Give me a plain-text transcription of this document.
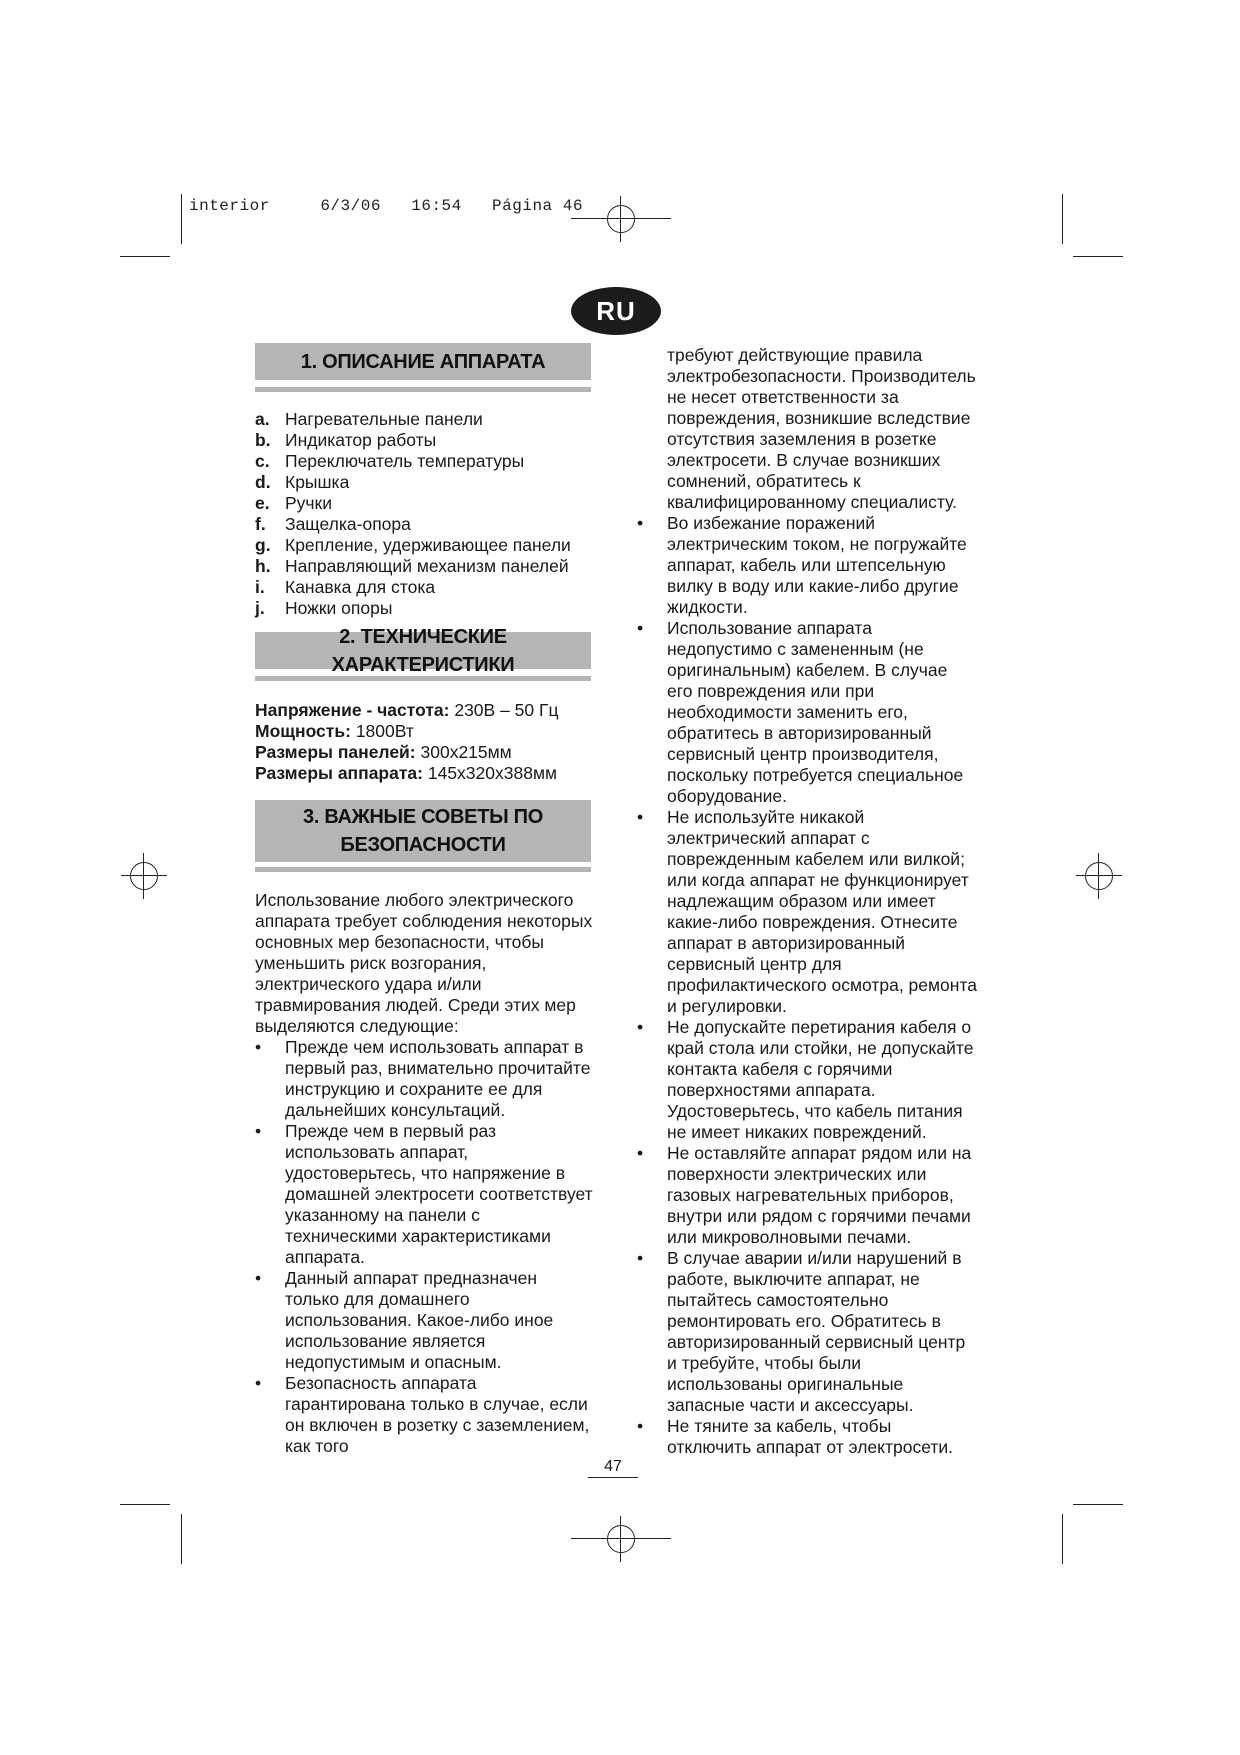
interior     6/3/06   16:54   Página 46
RU
1. ОПИСАНИЕ АППАРАТА
a. Нагревательные панели
b. Индикатор работы
c. Переключатель температуры
d. Крышка
e. Ручки
f.	Защелка-опора
g. Крепление, удерживающее панели
h. Направляющий механизм панелей
i.	Канавка для стока
j.	Ножки опоры
2. ТЕХНИЧЕСКИЕ ХАРАКТЕРИСТИКИ
Напряжение - частота: 230В – 50 Гц
Мощность: 1800Вт
Размеры панелей: 300x215мм
Размеры аппарата: 145x320x388мм
3. ВАЖНЫЕ СОВЕТЫ ПО
БЕЗОПАСНОСТИ

Использование любого электрического аппарата требует соблюдения некоторых основных мер безопасности, чтобы уменьшить риск возгорания, электрического удара и/или травмирования людей. Среди этих мер выделяются следующие:

•	Прежде чем использовать аппарат в первый раз, внимательно прочитайте инструкцию и сохраните ее для дальнейших консультаций.
•	Прежде чем в первый раз использовать аппарат, удостоверьтесь, что напряжение в домашней электросети соответствует указанному на панели с техническими характеристиками аппарата.
•	Данный аппарат предназначен только для домашнего использования. Какое-либо иное использование является недопустимым и опасным.
•	Безопасность аппарата гарантирована только в случае, если он включен в розетку с заземлением, как того

требуют действующие правила электробезопасности. Производитель не несет ответственности за повреждения, возникшие вследствие отсутствия заземления в розетке электросети. В случае возникших сомнений, обратитесь к квалифицированному специалисту.

•	Во избежание поражений электрическим током, не погружайте аппарат, кабель или штепсельную вилку в воду или какие-либо другие жидкости.
•	Использование аппарата недопустимо с замененным (не оригинальным) кабелем. В случае его повреждения или при необходимости заменить его, обратитесь в авторизированный сервисный центр производителя, поскольку потребуется специальное оборудование.
•	Не используйте никакой электрический аппарат с поврежденным кабелем или вилкой; или когда аппарат не функционирует надлежащим образом или имеет какие-либо повреждения. Отнесите аппарат в авторизированный сервисный центр для профилактического осмотра, ремонта и регулировки.
•	Не допускайте перетирания кабеля о край стола или стойки, не допускайте контакта кабеля с горячими поверхностями аппарата. Удостоверьтесь, что кабель питания не имеет никаких повреждений.
•	Не оставляйте аппарат рядом или на поверхности электрических или газовых нагревательных приборов, внутри или рядом с горячими печами или микроволновыми печами.
•	В случае аварии и/или нарушений в работе, выключите аппарат, не пытайтесь самостоятельно ремонтировать его. Обратитесь в авторизированный сервисный центр и требуйте, чтобы были использованы оригинальные запасные части и аксессуары.
•	Не тяните за кабель, чтобы отключить аппарат от электросети.
47
